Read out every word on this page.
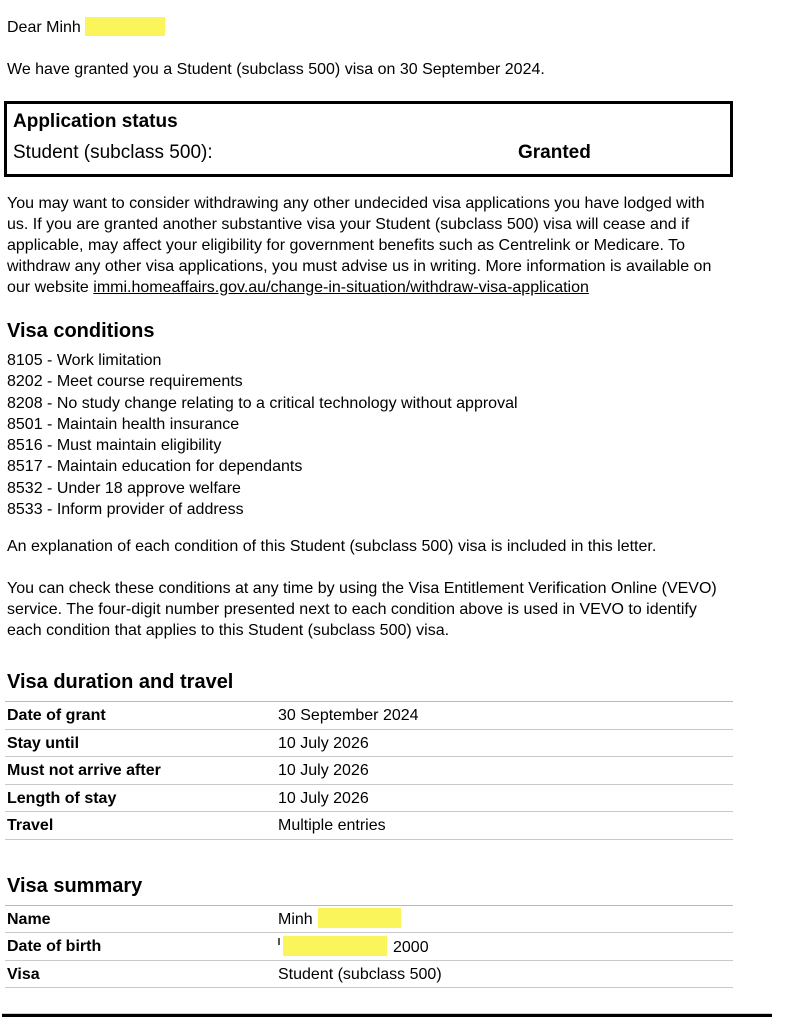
Dear Minh

We have granted you a Student (subclass 500) visa on 30 September 2024.

Application status
Student (subclass 500):	Granted

You may want to consider withdrawing any other undecided visa applications you have lodged with us. If you are granted another substantive visa your Student (subclass 500) visa will cease and if applicable, may affect your eligibility for government benefits such as Centrelink or Medicare. To withdraw any other visa applications, you must advise us in writing. More information is available on our website immi.homeaffairs.gov.au/change-in-situation/withdraw-visa-application

Visa conditions
8105 - Work limitation
8202 - Meet course requirements
8208 - No study change relating to a critical technology without approval
8501 - Maintain health insurance
8516 - Must maintain eligibility
8517 - Maintain education for dependants
8532 - Under 18 approve welfare
8533 - Inform provider of address

An explanation of each condition of this Student (subclass 500) visa is included in this letter.

You can check these conditions at any time by using the Visa Entitlement Verification Online (VEVO) service. The four-digit number presented next to each condition above is used in VEVO to identify each condition that applies to this Student (subclass 500) visa.

Visa duration and travel
Date of grant	30 September 2024
Stay until	10 July 2026
Must not arrive after	10 July 2026
Length of stay	10 July 2026
Travel	Multiple entries
Visa summary
Name	Minh
Date of birth	2000
Visa	Student (subclass 500)
